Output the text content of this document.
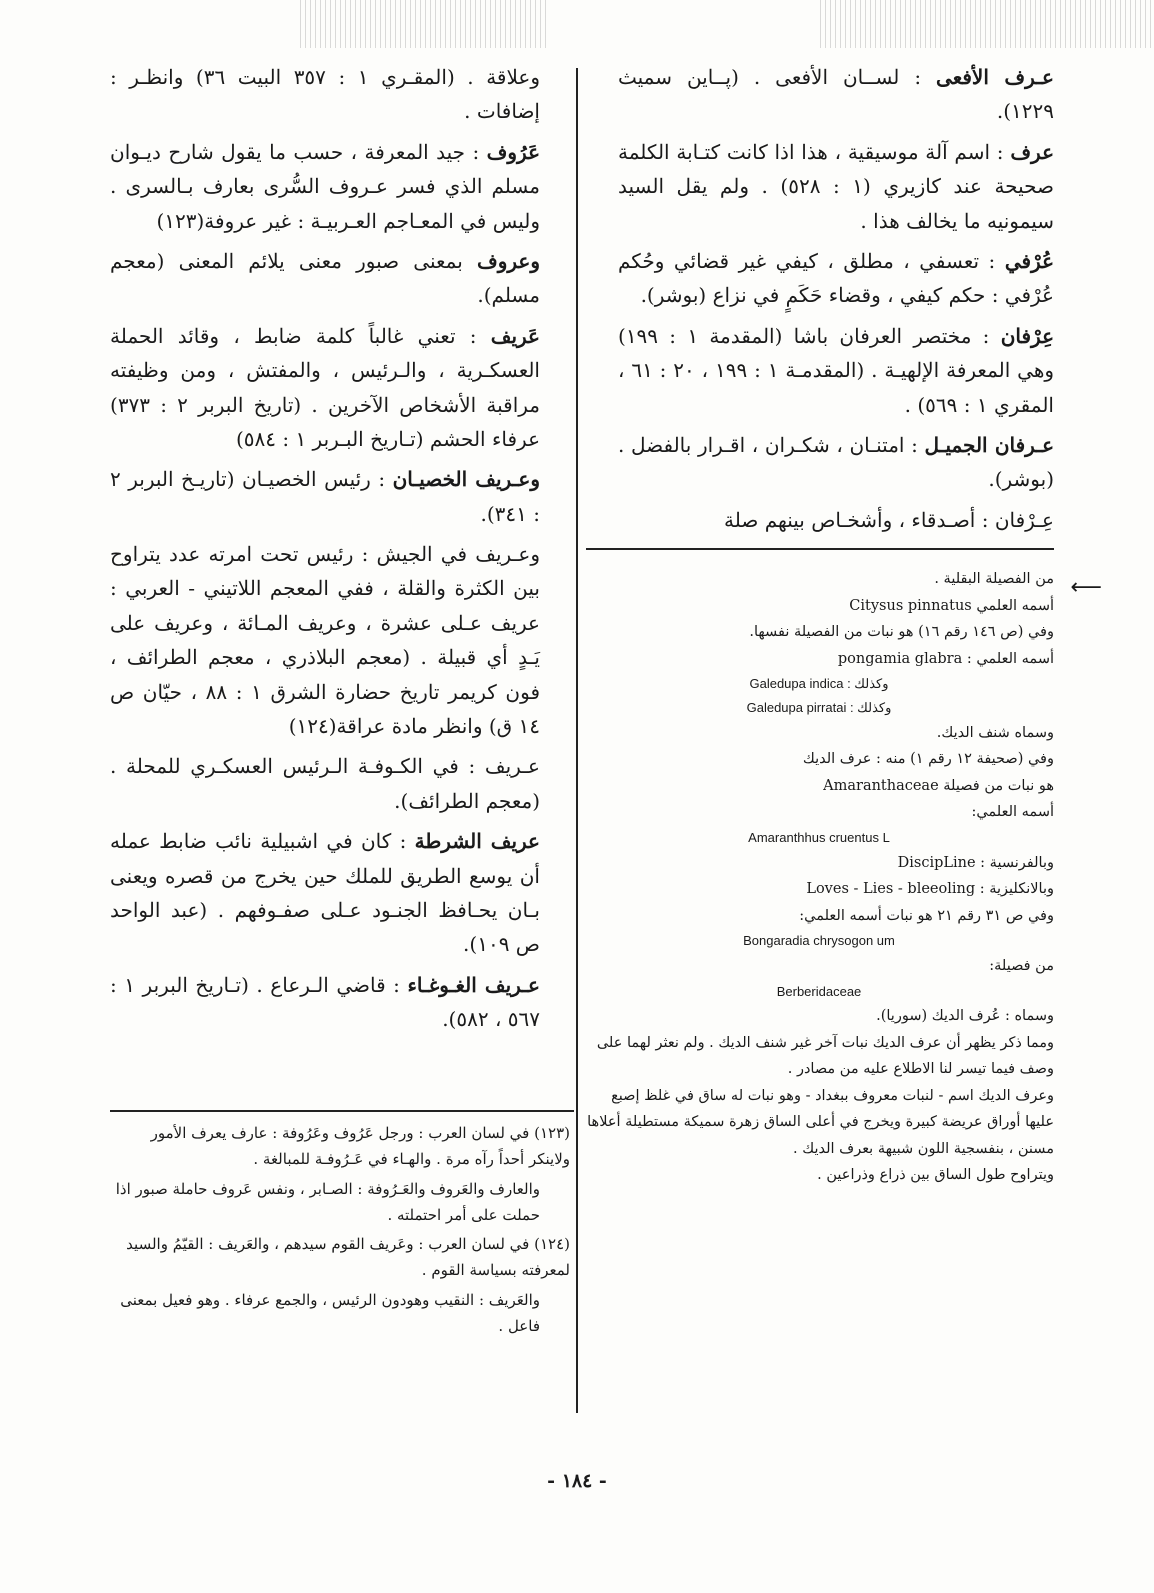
عـرف الأفعى : لســان الأفعى . (پــاين سميث ١٢٢٩).

عرف : اسم آلة موسيقية ، هذا اذا كانت كتـابة الكلمة صحيحة عند كازيري (١ : ٥٢٨) . ولم يقل السيد سيمونيه ما يخالف هذا .

عُرْفي : تعسفي ، مطلق ، كيفي غير قضائي وحُكم عُرْفي : حكم كيفي ، وقضاء حَكَمٍ في نزاع (بوشر).

عِرْفان : مختصر العرفان باشا (المقدمة ١ : ١٩٩) وهي المعرفة الإلهيـة . (المقدمـة ١ : ١٩٩ ، ٢٠ : ٦١ ، المقري ١ : ٥٦٩) .

عـرفان الجميـل : امتنـان ، شكـران ، اقـرار بالفضل . (بوشر).

عِـرْفان : أصـدقاء ، وأشخـاص بينهم صلة

⟵
من الفصيلة البقلية .
أسمه العلمي Citysus pinnatus
وفي (ص ١٤٦ رقم ١٦) هو نبات من الفصيلة نفسها.
أسمه العلمي : pongamia glabra
وكذلك : Galedupa indica
وكذلك : Galedupa pirratai
وسماه شنف الديك.
وفي (صحيفة ١٢ رقم ١) منه : عرف الديك
هو نبات من فصيلة Amaranthaceae
أسمه العلمي:
Amaranthhus cruentus L
وبالفرنسية : DiscipLine
وبالانكليزية : Loves - Lies - bleeoling
وفي ص ٣١ رقم ٢١ هو نبات أسمه العلمي:
Bongaradia chrysogon um
من فصيلة:
Berberidaceae
وسماه : عُرف الديك (سوريا).
ومما ذكر يظهر أن عرف الديك نبات آخر غير شنف الديك . ولم نعثر لهما على وصف فيما تيسر لنا الاطلاع عليه من مصادر .
وعرف الديك اسم - لنبات معروف ببغداد - وهو نبات له ساق في غلظ إصبع عليها أوراق عريضة كبيرة ويخرج في أعلى الساق زهرة سميكة مستطيلة أعلاها مسنن ، بنفسجية اللون شبيهة بعرف الديك .
ويتراوح طول الساق بين ذراع وذراعين .

وعلاقة . (المقـري ١ : ٣٥٧ البيت ٣٦) وانظـر : إضافات .

عَرُوف : جيد المعرفة ، حسب ما يقول شارح ديـوان مسلم الذي فسر عـروف السُّرى بعارف بـالسرى . وليس في المعـاجم العـربيـة : غير عروفة(١٢٣)

وعروف بمعنى صبور معنى يلائم المعنى (معجم مسلم).

عَريف : تعني غالباً كلمة ضابط ، وقائد الحملة العسكـرية ، والـرئيس ، والمفتش ، ومن وظيفته مراقبة الأشخاص الآخرين . (تاريخ البربر ٢ : ٣٧٣) عرفاء الحشم (تـاريخ البـربر ١ : ٥٨٤)

وعـريف الخصيـان : رئيس الخصيـان (تاريـخ البربر ٢ : ٣٤١).

وعـريف في الجيش : رئيس تحت امرته عدد يتراوح بين الكثرة والقلة ، ففي المعجم اللاتيني - العربي : عريف عـلى عشرة ، وعريف المـائة ، وعريف على يَـدٍ أي قبيلة . (معجم البلاذري ، معجم الطرائف ، فون كريمر تاريخ حضارة الشرق ١ : ٨٨ ، حيّان ص ١٤ ق) وانظر مادة عراقة(١٢٤)

عـريف : في الكـوفـة الـرئيس العسكـري للمحلة . (معجم الطرائف).

عريف الشرطة : كان في اشبيلية نائب ضابط عمله أن يوسع الطريق للملك حين يخرج من قصره ويعنى بـان يحـافظ الجنـود عـلى صفـوفهم . (عبد الواحد ص ١٠٩).

عـريف الغـوغـاء : قاضي الـرعاع . (تـاريخ البربر ١ : ٥٦٧ ، ٥٨٢).

(١٢٣) في لسان العرب : ورجل عَرُوف وعَرُوفة : عارف يعرف الأمور ولاينكر أحداً رآه مرة . والهـاء في عَـرُوفـة للمبالغة .
والعارف والعَروف والعَـرُوفة : الصـابر ، ونفس عَروف حاملة صبور اذا حملت على أمر احتملته .
(١٢٤) في لسان العرب : وعَريف القوم سيدهم ، والعَريف : القيّمُ والسيد لمعرفته بسياسة القوم .
والعَريف : النقيب وهودون الرئيس ، والجمع عرفاء . وهو فعيل بمعنى فاعل .
- ١٨٤ -
